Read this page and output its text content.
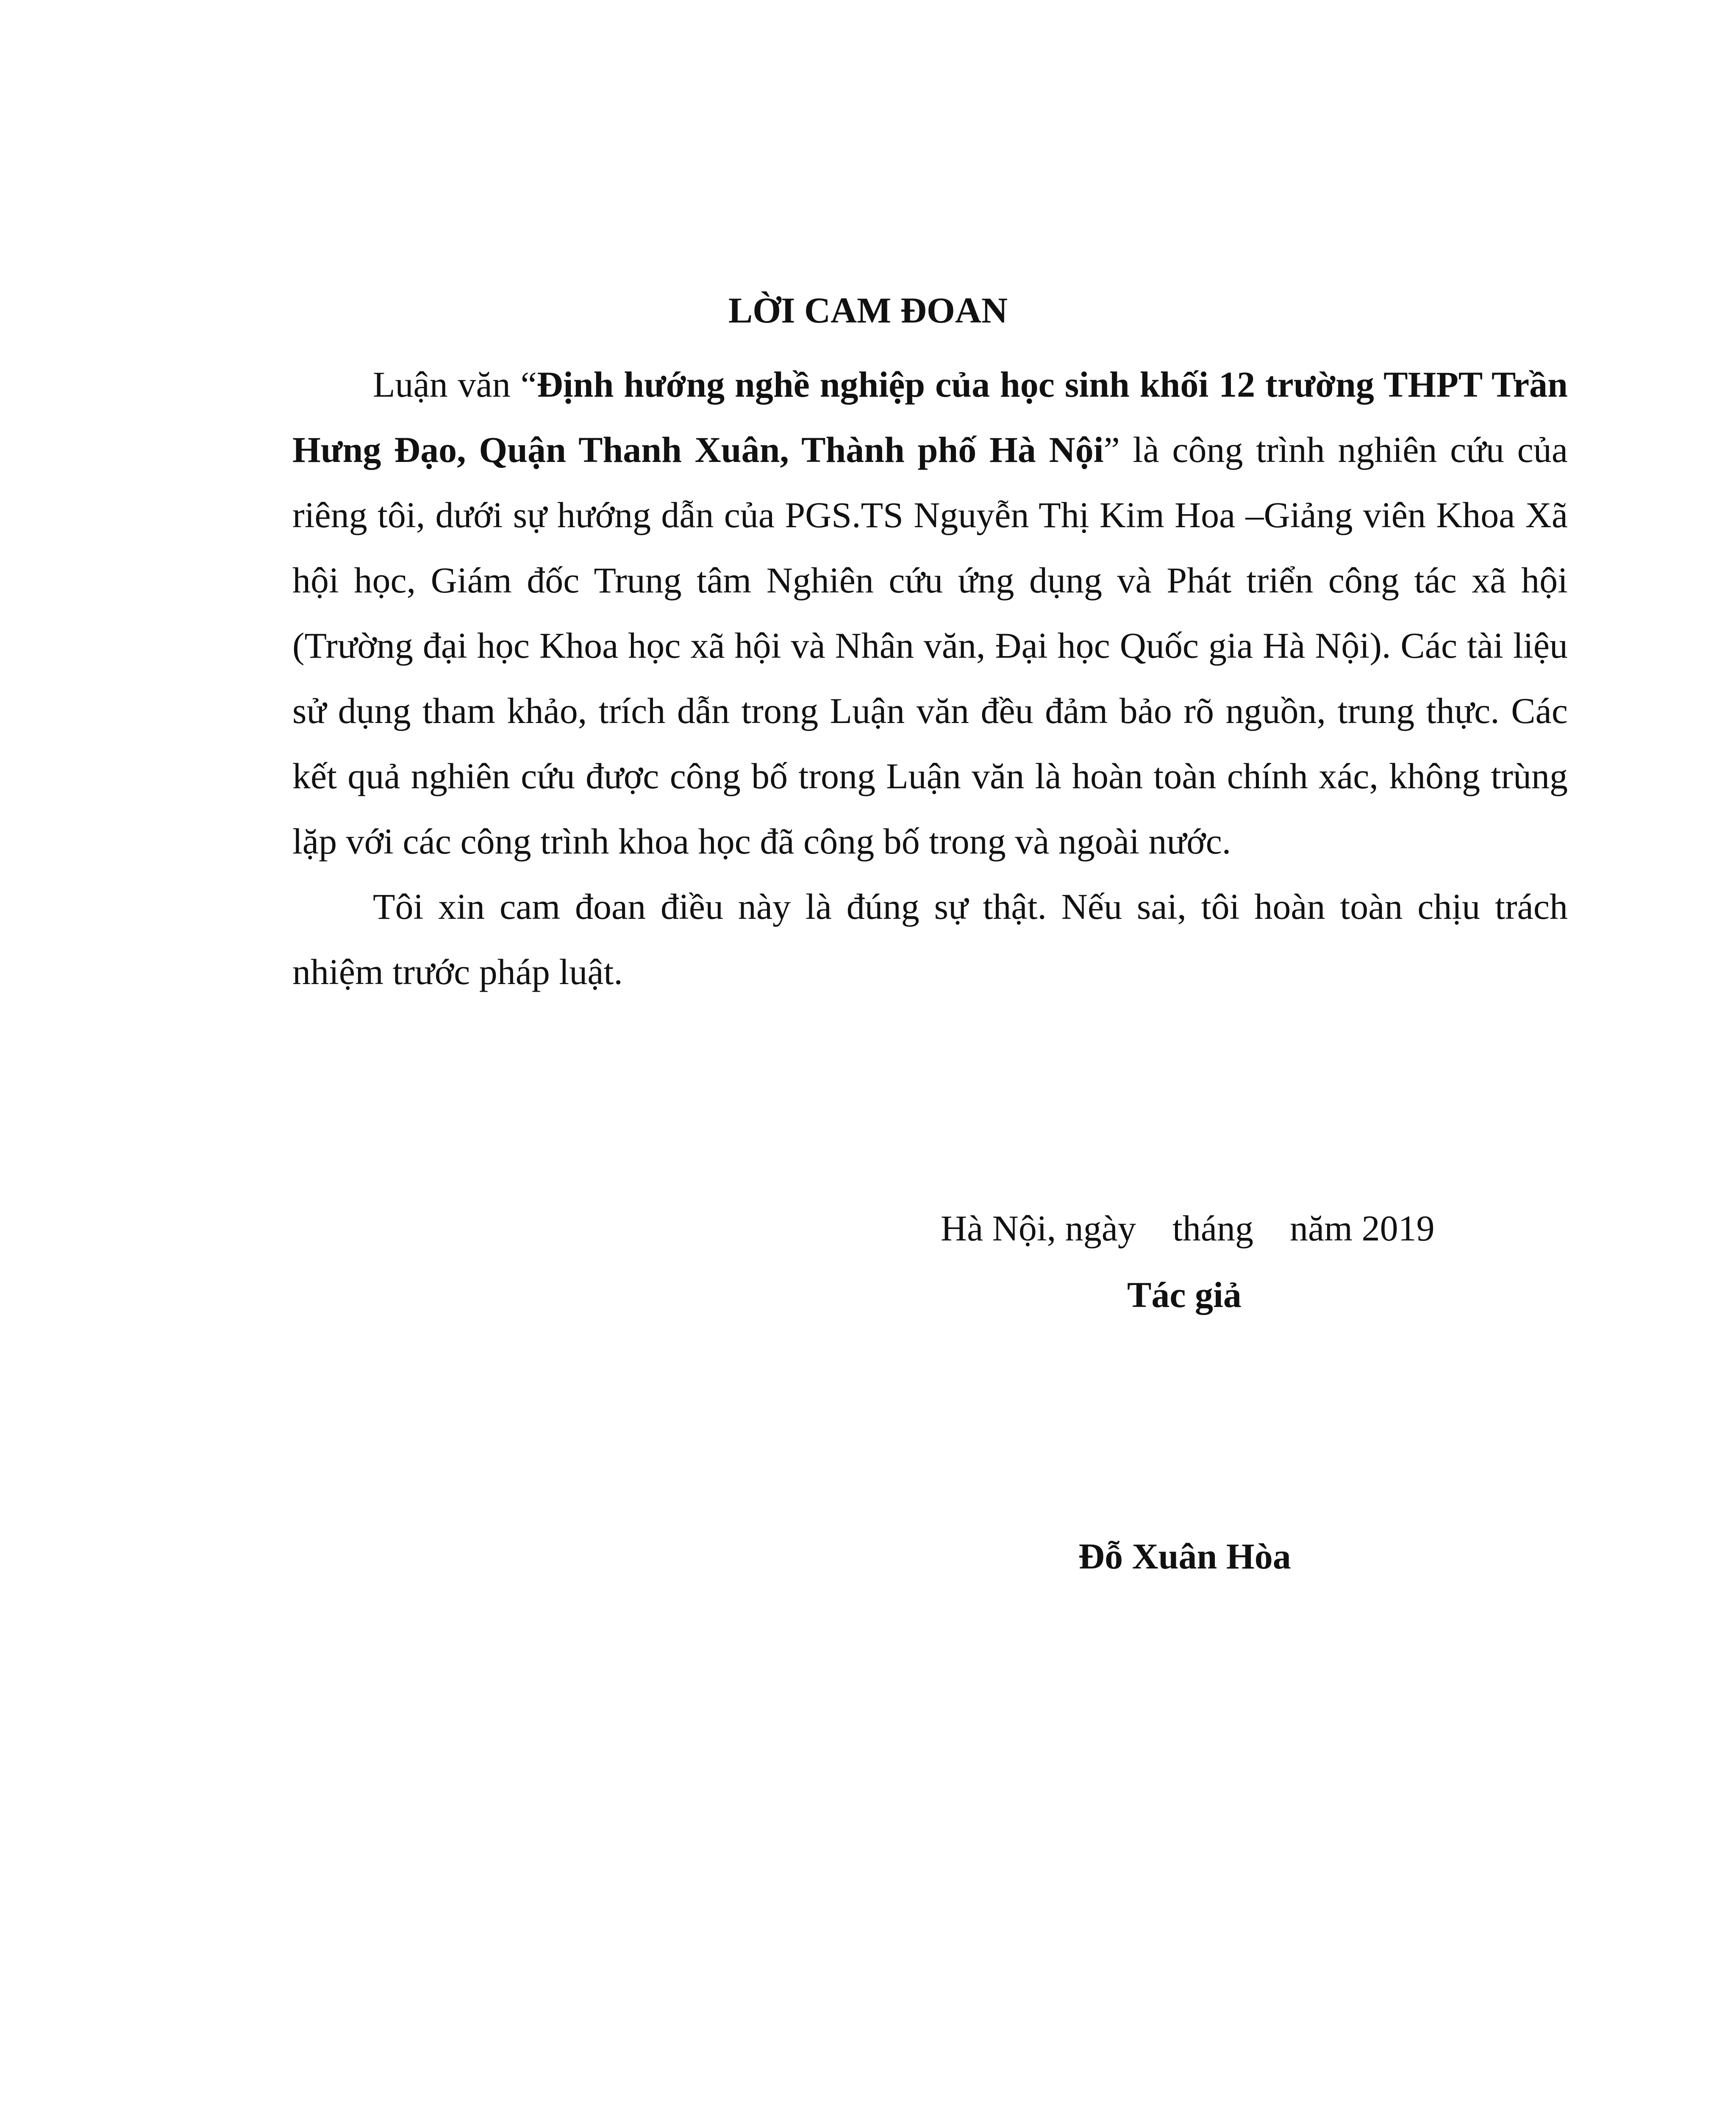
LỜI CAM ĐOAN

Luận văn “Định hướng nghề nghiệp của học sinh khối 12 trường THPT Trần Hưng Đạo, Quận Thanh Xuân, Thành phố Hà Nội” là công trình nghiên cứu của riêng tôi, dưới sự hướng dẫn của PGS.TS Nguyễn Thị Kim Hoa –Giảng viên Khoa Xã hội học, Giám đốc Trung tâm Nghiên cứu ứng dụng và Phát triển công tác xã hội (Trường đại học Khoa học xã hội và Nhân văn, Đại học Quốc gia Hà Nội). Các tài liệu sử dụng tham khảo, trích dẫn trong Luận văn đều đảm bảo rõ nguồn, trung thực. Các kết quả nghiên cứu được công bố trong Luận văn là hoàn toàn chính xác, không trùng lặp với các công trình khoa học đã công bố trong và ngoài nước.

Tôi xin cam đoan điều này là đúng sự thật. Nếu sai, tôi hoàn toàn chịu trách nhiệm trước pháp luật.

Hà Nội, ngày    tháng    năm 2019
Tác giả
Đỗ Xuân Hòa
